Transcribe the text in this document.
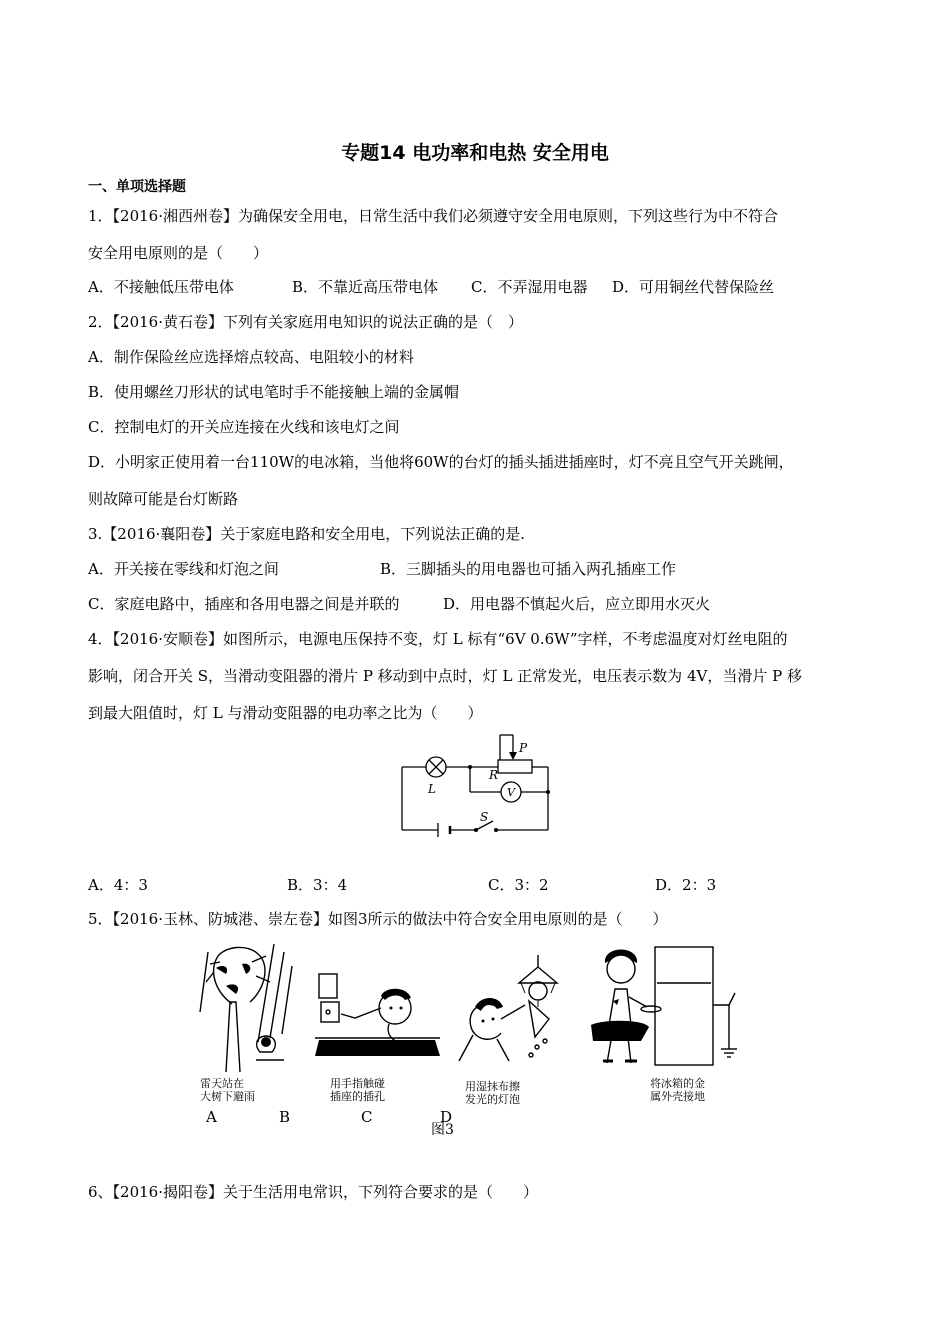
专题14 电功率和电热 安全用电
一、单项选择题
1．【2016·湘西州卷】为确保安全用电，日常生活中我们必须遵守安全用电原则，下列这些行为中不符合
安全用电原则的是（　　）
A．不接触低压带电体	B．不靠近高压带电体 C．不弄湿用电器 D．可用铜丝代替保险丝
2．【2016·黄石卷】下列有关家庭用电知识的说法正确的是（　）
A．制作保险丝应选择熔点较高、电阻较小的材料
B．使用螺丝刀形状的试电笔时手不能接触上端的金属帽
C．控制电灯的开关应连接在火线和该电灯之间
D．小明家正使用着一台110W的电冰箱，当他将60W的台灯的插头插进插座时，灯不亮且空气开关跳闸，
则故障可能是台灯断路
3.【2016·襄阳卷】关于家庭电路和安全用电，下列说法正确的是.
A．开关接在零线和灯泡之间	B．三脚插头的用电器也可插入两孔插座工作
C．家庭电路中，插座和各用电器之间是并联的	D．用电器不慎起火后，应立即用水灭火
4．【2016·安顺卷】如图所示，电源电压保持不变，灯 L 标有“6V 0.6W”字样，不考虑温度对灯丝电阻的
影响，闭合开关 S，当滑动变阻器的滑片 P 移动到中点时，灯 L 正常发光，电压表示数为 4V，当滑片 P 移
到最大阻值时，灯 L 与滑动变阻器的电功率之比为（　　）
L
P
R
S
V
A．4：3	B．3：4	C．3：2	D．2：3
5．【2016·玉林、防城港、崇左卷】如图3所示的做法中符合安全用电原则的是（　　）
雷天站在
大树下避雨
用手指触碰
插座的插孔
用湿抹布擦
发光的灯泡
将冰箱的金
属外壳接地
A	B	C	D
图3
6、【2016·揭阳卷】关于生活用电常识，下列符合要求的是（　　）
